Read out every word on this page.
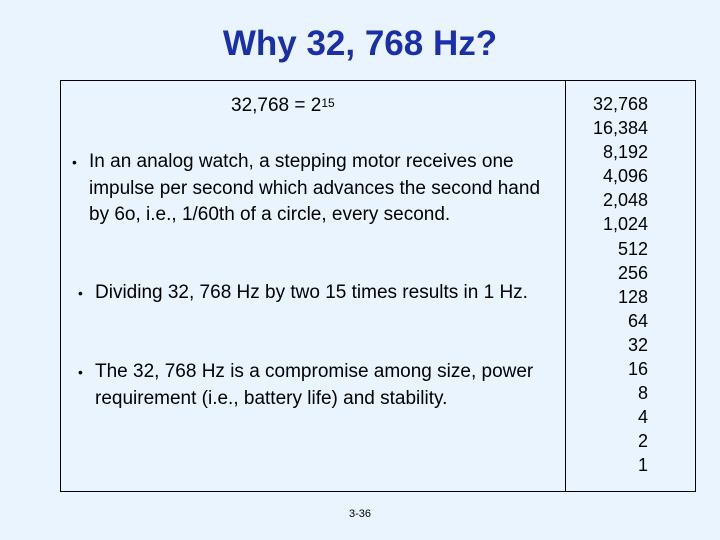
Why 32, 768 Hz?
$32,768 = 2^{15}$
• In an analog watch, a stepping motor receives one impulse per second which advances the second hand by 6o, i.e., 1/60th of a circle, every second.
• Dividing 32, 768 Hz by two 15 times results in 1 Hz.
• The 32, 768 Hz is a compromise among size, power requirement (i.e., battery life) and stability.
32,768
16,384
8,192
4,096
2,048
1,024
512
256
128
64
32
16
8
4
2
1
3-36
